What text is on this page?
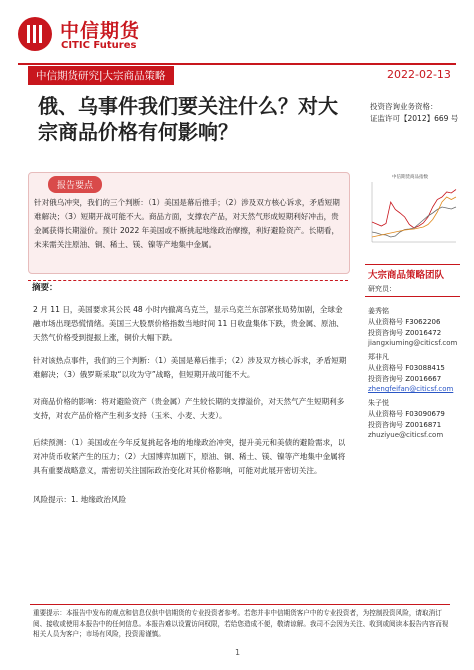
中信期货
CITIC Futures
中信期货研究|大宗商品策略	2022-02-13
俄、乌事件我们要关注什么？对大宗商品价格有何影响？
投资咨询业务资格：
证监许可【2012】669 号
报告要点
针对俄乌冲突，我们的三个判断：（1）美国是幕后推手；（2）涉及双方核心诉求，矛盾短期难解决；（3）短期开战可能不大。商品方面，支撑农产品，对天然气形成短期利好冲击，贵金属获得长期溢价。预计 2022 年美国或不断挑起地缘政治摩擦，利好避险资产。长期看，未来需关注原油、铜、稀土、镁、镍等产地集中金属。
中信期货商品指数
大宗商品策略团队
研究员：
姜秀铭
从业资格号 F3062206
投资咨询号 Z0016472
jiangxiuming@citicsf.com
郑非凡
从业资格号 F03088415
投资咨询号 Z0016667
zhengfeifan@citicsf.com
朱子悦
从业资格号 F03090679
投资咨询号 Z0016871
zhuziyue@citicsf.com
摘要：
2 月 11 日，美国要求其公民 48 小时内撤离乌克兰，显示乌克兰东部紧张局势加剧，全球金融市场出现恐慌情绪。美国三大股票价格指数当地时间 11 日收盘集体下跌，贵金属、原油、天然气价格受到提振上涨，铜价大幅下跌。
针对该热点事件，我们的三个判断：（1）美国是幕后推手；（2）涉及双方核心诉求，矛盾短期难解决；（3）俄罗斯采取“以攻为守”战略，但短期开战可能不大。
对商品价格的影响：将对避险资产（贵金属）产生较长期的支撑溢价，对天然气产生短期利多支持，对农产品价格产生利多支持（玉米、小麦、大麦）。
后续预测：（1）美国或在今年反复挑起各地的地缘政治冲突，提升美元和美债的避险需求，以对冲货币收紧产生的压力；（2）大国博弈加剧下，原油、铜、稀土、镁、镍等产地集中金属将具有重要战略意义，需密切关注国际政治变化对其价格影响，可能对此展开密切关注。
风险提示：1. 地缘政治风险
重要提示：本报告中发布的观点和信息仅供中信期货的专业投资者参考。若您并非中信期货客户中的专业投资者，为控制投资风险，请取消订阅、接收或使用本报告中的任何信息。本报告难以设置访问权限，若给您造成不便，敬请谅解。我司不会因为关注、收到或阅读本报告内容而视相关人员为客户；市场有风险，投资需谨慎。
1
